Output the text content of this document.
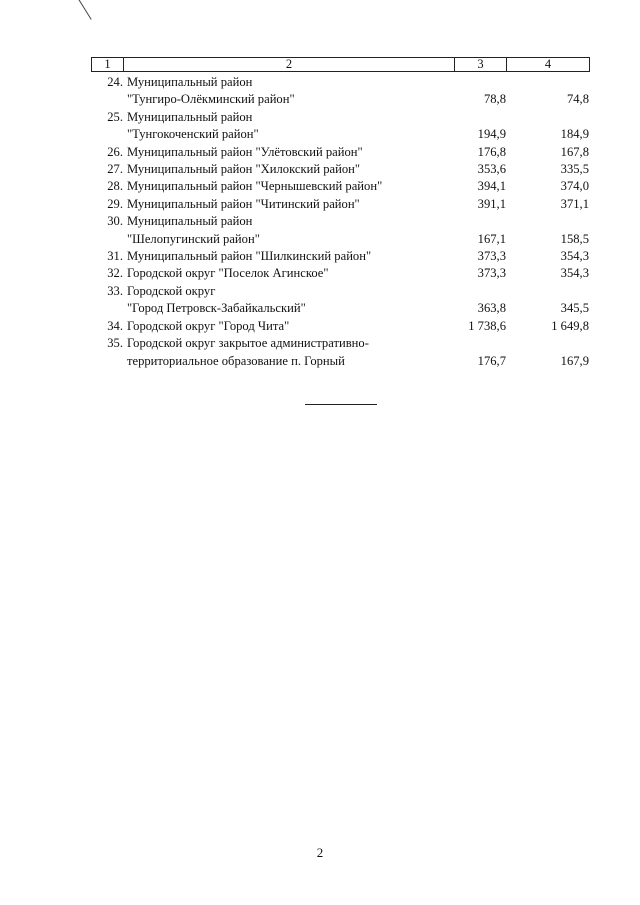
1	2	3	4
24. Муниципальный район
"Тунгиро-Олёкминский район"	78,8	74,8
25. Муниципальный район
"Тунгокоченский район"	194,9	184,9
26. Муниципальный район "Улётовский район"	176,8	167,8
27. Муниципальный район "Хилокский район"	353,6	335,5
28. Муниципальный район "Чернышевский район"	394,1	374,0
29. Муниципальный район "Читинский район"	391,1	371,1
30. Муниципальный район
"Шелопугинский район"	167,1	158,5
31. Муниципальный район "Шилкинский район"	373,3	354,3
32. Городской округ "Поселок Агинское"	373,3	354,3
33. Городской округ
"Город Петровск-Забайкальский"	363,8	345,5
34. Городской округ "Город Чита"	1 738,6	1 649,8
35. Городской округ закрытое административно-
территориальное образование п. Горный	176,7	167,9
2
